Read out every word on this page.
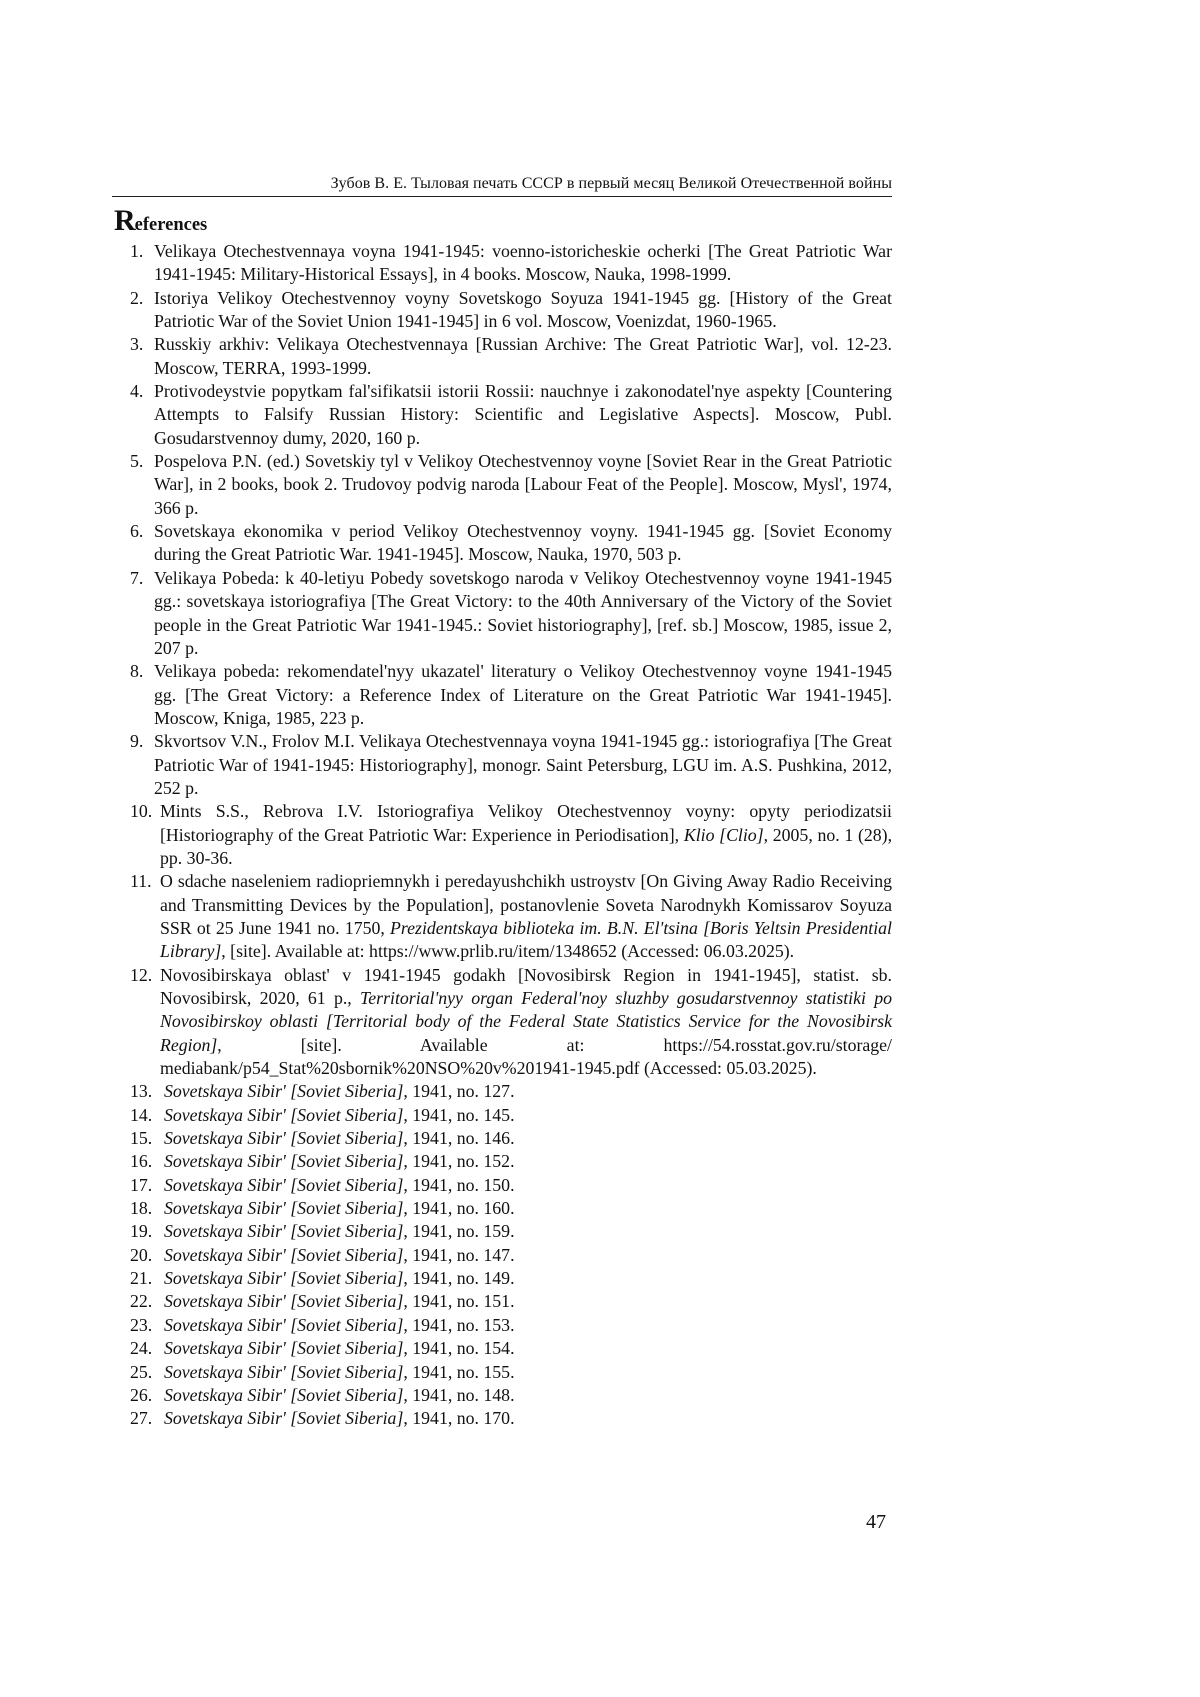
Зубов В. Е. Тыловая печать СССР в первый месяц Великой Отечественной войны
References
1. Velikaya Otechestvennaya voyna 1941-1945: voenno-istoricheskie ocherki [The Great Patriotic War 1941-1945: Military-Historical Essays], in 4 books. Moscow, Nauka, 1998-1999.
2. Istoriya Velikoy Otechestvennoy voyny Sovetskogo Soyuza 1941-1945 gg. [History of the Great Patriotic War of the Soviet Union 1941-1945] in 6 vol. Moscow, Voenizdat, 1960-1965.
3. Russkiy arkhiv: Velikaya Otechestvennaya [Russian Archive: The Great Patriotic War], vol. 12-23. Moscow, TERRA, 1993-1999.
4. Protivodeystvie popytkam fal'sifikatsii istorii Rossii: nauchnye i zakonodatel'nye aspekty [Countering Attempts to Falsify Russian History: Scientific and Legislative Aspects]. Moscow, Publ. Gosudarstvennoy dumy, 2020, 160 p.
5. Pospelova P.N. (ed.) Sovetskiy tyl v Velikoy Otechestvennoy voyne [Soviet Rear in the Great Patriotic War], in 2 books, book 2. Trudovoy podvig naroda [Labour Feat of the People]. Moscow, Mysl', 1974, 366 p.
6. Sovetskaya ekonomika v period Velikoy Otechestvennoy voyny. 1941-1945 gg. [Soviet Economy during the Great Patriotic War. 1941-1945]. Moscow, Nauka, 1970, 503 p.
7. Velikaya Pobeda: k 40-letiyu Pobedy sovetskogo naroda v Velikoy Otechestvennoy voyne 1941-1945 gg.: sovetskaya istoriografiya [The Great Victory: to the 40th Anniversary of the Victory of the Soviet people in the Great Patriotic War 1941-1945.: Soviet historiog­raphy], [ref. sb.] Moscow, 1985, issue 2, 207 p.
8. Velikaya pobeda: rekomendatel'nyy ukazatel' literatury o Velikoy Otechestvennoy voyne 1941-1945 gg. [The Great Victory: a Reference Index of Literature on the Great Patriotic War 1941-1945]. Moscow, Kniga, 1985, 223 p.
9. Skvortsov V.N., Frolov M.I. Velikaya Otechestvennaya voyna 1941-1945 gg.: istorio­grafiya [The Great Patriotic War of 1941-1945: Historiography], monogr. Saint Peters­burg, LGU im. A.S. Pushkina, 2012, 252 p.
10. Mints S.S., Rebrova I.V. Istoriografiya Velikoy Otechestvennoy voyny: opyty periodi­zatsii [Historiography of the Great Patriotic War: Experience in Periodisation], Klio [Clio], 2005, no. 1 (28), pp. 30-36.
11. O sdache naseleniem radiopriemnykh i peredayushchikh ustroystv [On Giving Away Ra­dio Receiving and Transmitting Devices by the Population], postanovlenie Soveta Narod­nykh Komissarov Soyuza SSR ot 25 June 1941 no. 1750, Prezidentskaya biblioteka im. B.N. El'tsina [Boris Yeltsin Presidential Library], [site]. Available at: https://www.prlib.ru/item/1348652 (Accessed: 06.03.2025).
12. Novosibirskaya oblast' v 1941-1945 godakh [Novosibirsk Region in 1941-1945], statist. sb. Novosibirsk, 2020, 61 p., Territorial'nyy organ Federal'noy sluzhby gosudarstvennoy statistiki po Novosibirskoy oblasti [Territorial body of the Federal State Statistics Service for the Novosibirsk Region], [site]. Available at: https://54.rosstat.gov.ru/storage/ mediabank/p54_Stat%20sbornik%20NSO%20v%201941-1945.pdf (Accessed: 05.03.2025).
13. Sovetskaya Sibir' [Soviet Siberia], 1941, no. 127.
14. Sovetskaya Sibir' [Soviet Siberia], 1941, no. 145.
15. Sovetskaya Sibir' [Soviet Siberia], 1941, no. 146.
16. Sovetskaya Sibir' [Soviet Siberia], 1941, no. 152.
17. Sovetskaya Sibir' [Soviet Siberia], 1941, no. 150.
18. Sovetskaya Sibir' [Soviet Siberia], 1941, no. 160.
19. Sovetskaya Sibir' [Soviet Siberia], 1941, no. 159.
20. Sovetskaya Sibir' [Soviet Siberia], 1941, no. 147.
21. Sovetskaya Sibir' [Soviet Siberia], 1941, no. 149.
22. Sovetskaya Sibir' [Soviet Siberia], 1941, no. 151.
23. Sovetskaya Sibir' [Soviet Siberia], 1941, no. 153.
24. Sovetskaya Sibir' [Soviet Siberia], 1941, no. 154.
25. Sovetskaya Sibir' [Soviet Siberia], 1941, no. 155.
26. Sovetskaya Sibir' [Soviet Siberia], 1941, no. 148.
27. Sovetskaya Sibir' [Soviet Siberia], 1941, no. 170.
47
